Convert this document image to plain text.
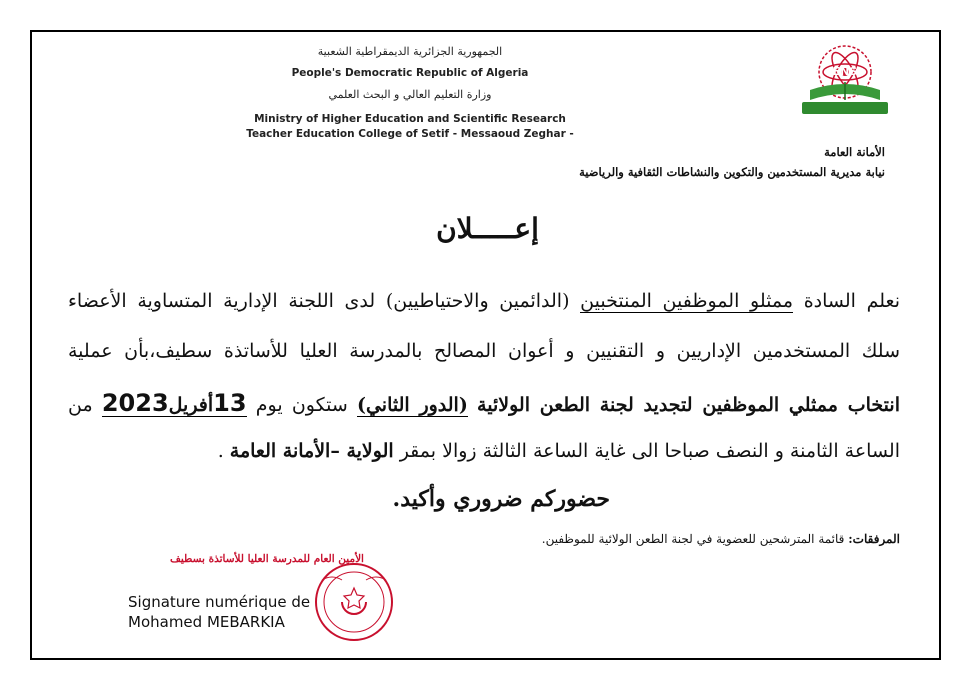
الجمهورية الجزائرية الديمقراطية الشعبية
People's Democratic Republic of Algeria
وزارة التعليم العالي و البحث العلمي
Ministry of Higher Education and Scientific Research
Teacher Education College of Setif - Messaoud Zeghar -
ENS
الأمانة العامة
نيابة مديرية المستخدمين والتكوين والنشاطات الثقافية والرياضية
إعـــــلان
نعلم السادة ممثلو الموظفين المنتخبين (الدائمين والاحتياطيين) لدى اللجنة الإدارية المتساوية الأعضاء
سلك المستخدمين الإداريين و التقنيين و أعوان المصالح بالمدرسة العليا للأساتذة سطيف،بأن عملية
انتخاب ممثلي الموظفين لتجديد لجنة الطعن الولائية (الدور الثاني) ستكون يوم 13أفريل2023 من
الساعة الثامنة و النصف صباحا الى غاية الساعة الثالثة زوالا بمقر الولاية –الأمانة العامة .
حضوركم ضروري وأكيد.
المرفقات: قائمة المترشحين للعضوية في لجنة الطعن الولائية للموظفين.
الأمين العام للمدرسة العليا للأساتذة بسطيف
Signature numérique de
Mohamed MEBARKIA
